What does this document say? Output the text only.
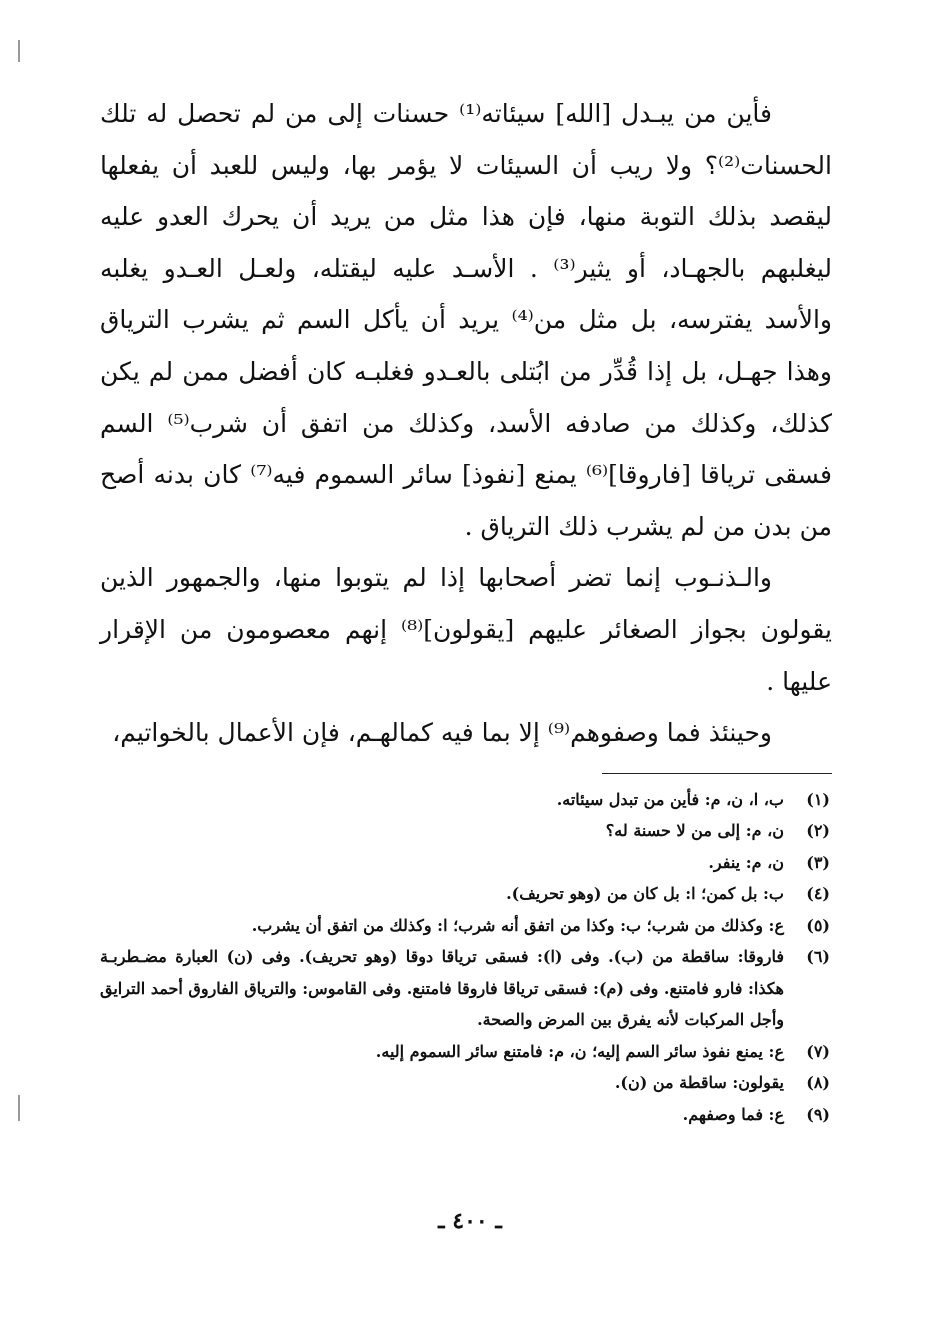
فأين من يبـدل [الله] سيئاته⁽¹⁾ حسنات إلى من لم تحصل له تلك الحسنات⁽²⁾؟ ولا ريب أن السيئات لا يؤمر بها، وليس للعبد أن يفعلها ليقصد بذلك التوبة منها، فإن هذا مثل من يريد أن يحرك العدو عليه ليغلبهم بالجهـاد، أو يثير⁽³⁾ . الأسـد عليه ليقتله، ولعـل العـدو يغلبه والأسد يفترسه، بل مثل من⁽⁴⁾ يريد أن يأكل السم ثم يشرب الترياق وهذا جهـل، بل إذا قُدِّر من ابُتلى بالعـدو فغلبـه كان أفضل ممن لم يكن كذلك، وكذلك من صادفه الأسد، وكذلك من اتفق أن شرب⁽⁵⁾ السم فسقى ترياقا [فاروقا]⁽⁶⁾ يمنع [نفوذ] سائر السموم فيه⁽⁷⁾ كان بدنه أصح من بدن من لم يشرب ذلك الترياق .

والـذنـوب إنما تضر أصحابها إذا لم يتوبوا منها، والجمهور الذين يقولون بجواز الصغائر عليهم [يقولون]⁽⁸⁾ إنهم معصومون من الإقرار عليها .

وحينئذ فما وصفوهم⁽⁹⁾ إلا بما فيه كمالهـم، فإن الأعمال بالخواتيم،

(١)
ب، ا، ن، م: فأين من تبدل سيئاته.
(٢)
ن، م: إلى من لا حسنة له؟
(٣)
ن، م: ينفر.
(٤)
ب: بل كمن؛ ا: بل كان من (وهو تحريف).
(٥)
ع: وكذلك من شرب؛ ب: وكذا من اتفق أنه شرب؛ ا: وكذلك من اتفق أن يشرب.
(٦)
فاروقا: ساقطة من (ب). وفى (ا): فسقى ترياقا دوقا (وهو تحريف). وفى (ن) العبارة مضـطربـة هكذا: فارو فامتنع. وفى (م): فسقى ترياقا فاروقا فامتنع. وفى القاموس: والترياق الفاروق أحمد الترايق وأجل المركبات لأنه يفرق بين المرض والصحة.
(٧)
ع: يمنع نفوذ سائر السم إليه؛ ن، م: فامتنع سائر السموم إليه.
(٨)
يقولون: ساقطة من (ن).
(٩)
ع: فما وصفهم.
ـ ٤٠٠ ـ
